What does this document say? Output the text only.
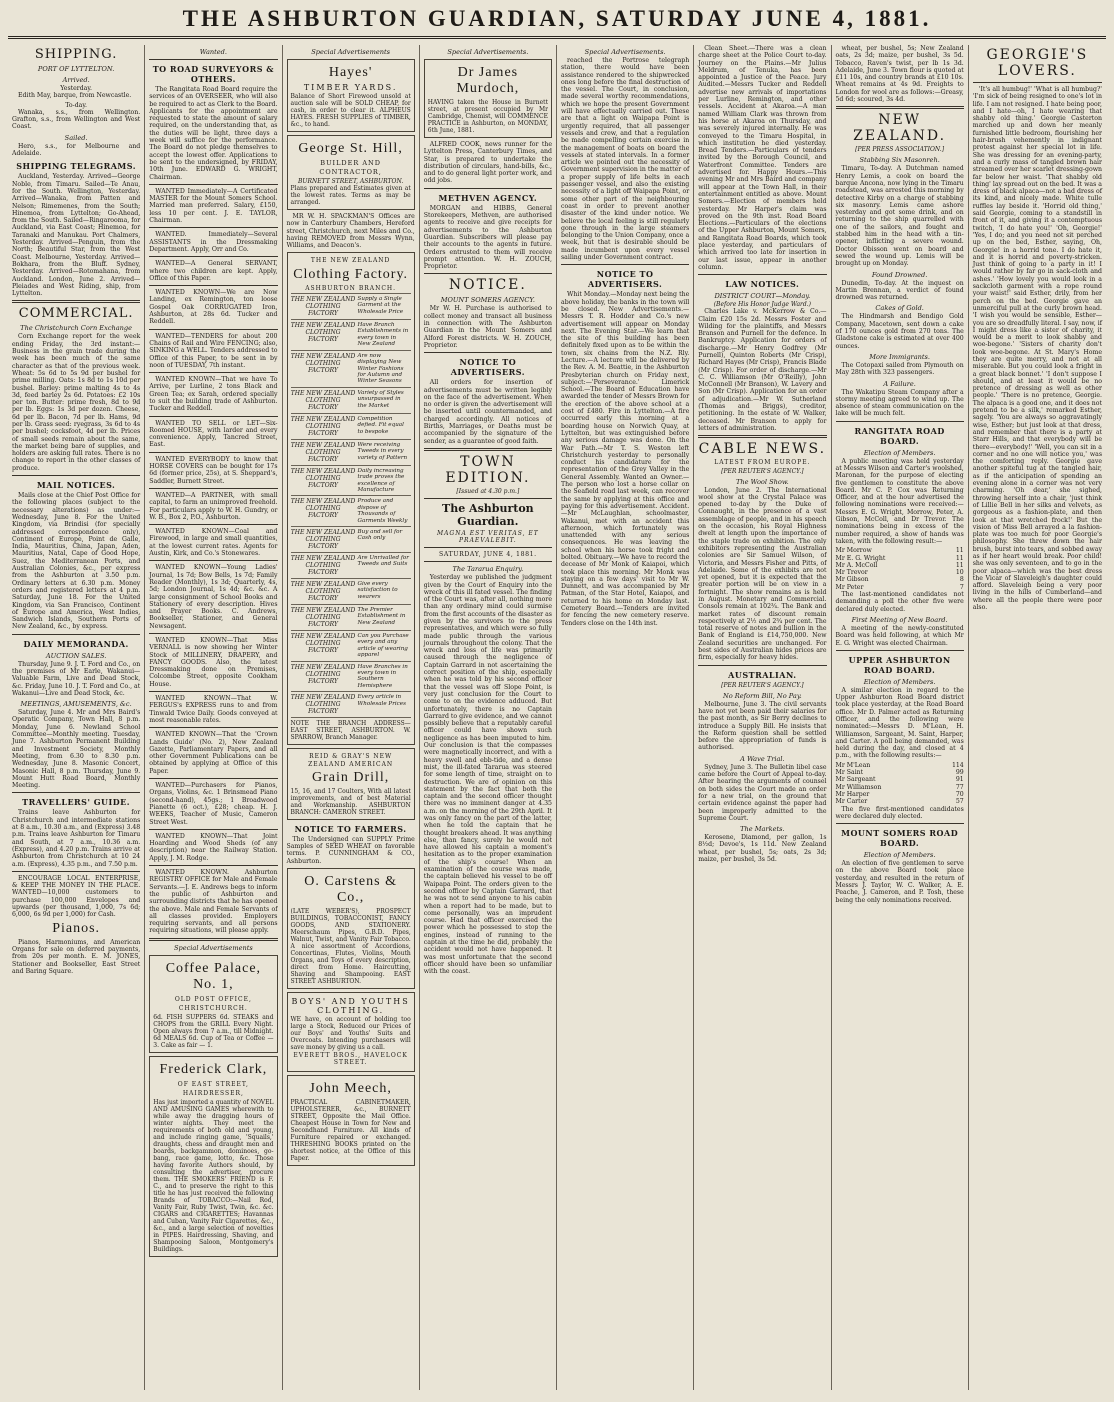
THE ASHBURTON GUARDIAN, SATURDAY JUNE 4, 1881.
SHIPPING.
PORT OF LYTTELTON.
Arrived.
Yesterday.

Edith May, barque, from Newcastle.

To-day.

Wanaka, s.s., from Wellington. Grafton, s.s., from Wellington and West Coast.

Sailed.

Hero, s.s., for Melbourne and Adelaide.

SHIPPING TELEGRAMS.

Auckland, Yesterday. Arrived—George Noble, from Timaru. Sailed—Te Anau, for the South. Wellington, Yesterday. Arrived—Wanaka, from Patten and Nelson; Rimemenes, from the South; Hinemoa, from Lyttelton; Go-Ahead, from the South. Sailed—Ringarooma, for Auckland, via East Coast; Hinemoa, for Taranaki and Manukau. Port Chalmers, Yesterday. Arrived—Penguin, from the North; Beautiful Star, from the West Coast. Melbourne, Yesterday. Arrived—Bokhara, from the Bluff. Sydney, Yesterday. Arrived—Rotomahana, from Auckland. London, June 2. Arrived—Pleiades and West Riding, ship, from Lyttelton.

COMMERCIAL.
The Christchurch Corn Exchange

Corn Exchange report for the week ending Friday, the 3rd instant:—Business in the grain trade during the week has been much of the same character as that of the previous week. Wheat: 5s 6d to 5s 9d per bushel for prime milling. Oats: 1s 8d to 1s 10d per bushel. Barley: prime malting 4s to 4s 3d, feed barley 2s 6d. Potatoes: £2 10s per ton. Butter: prime fresh, 8d to 9d per lb. Eggs: 1s 3d per dozen. Cheese, 6d per lb. Bacon, 7d per lb. Hams, 9d per lb. Grass seed: ryegrass, 3s 6d to 4s per bushel; cocksfoot, 4d per lb. Prices of small seeds remain about the same, the market being bare of supplies, and holders are asking full rates. There is no change to report in the other classes of produce.

MAIL NOTICES.

Mails close at the Chief Post Office for the following places (subject to the necessary alterations) as under:— Wednesday, June 8. For the United Kingdom, via Brindisi (for specially addressed correspondence only), Continent of Europe, Point de Galle, India, Mauritius, China, Japan, Aden, Mauritius, Natal, Cape of Good Hope, Suez, the Mediterranean Ports, and Australian Colonies, &c., per express from the Ashburton at 3.50 p.m. Ordinary letters at 6.30 p.m. Money orders and registered letters at 4 p.m. Saturday, June 18. For the United Kingdom, via San Francisco, Continent of Europe and America, West Indies, Sandwich Islands, Southern Ports of New Zealand, &c., by express.

DAILY MEMORANDA.
AUCTION SALES.

Thursday, June 9. J. T. Ford and Co., on the premises of Mr Earle, Wakanui—Valuable Farm, Live and Dead Stock, &c. Friday, June 10. J. T. Ford and Co., at Wakanui—Live and Dead Stock, &c.

MEETINGS, AMUSEMENTS, &c.

Saturday, June 4. Mr and Mrs Baird's Operatic Company, Town Hall, 8 p.m. Monday, June 6. Newland School Committee—Monthly meeting. Tuesday, June 7. Ashburton Permanent Building and Investment Society, Monthly Meeting, from 6.30 to 8.30 p.m. Wednesday, June 8. Masonic Concert, Masonic Hall, 8 p.m. Thursday, June 9. Mount Hutt Road Board, Monthly Meeting.

TRAVELLERS' GUIDE.

Trains leave Ashburton for Christchurch and intermediate stations at 8 a.m., 10.30 a.m., and (Express) 3.48 p.m. Trains leave Ashburton for Timaru and South, at 7 a.m., 10.36 a.m. (Express), and 4.20 p.m. Trains arrive at Ashburton from Christchurch at 10 24 a.m. (Express), 4.35 p.m., and 7.50 p.m.

ENCOURAGE LOCAL ENTERPRISE, & KEEP THE MONEY IN THE PLACE. WANTED—10,000 customers to purchase 100,000 Envelopes and upwards (per thousand, 1,000, 7s 6d; 6,000, 6s 9d per 1,000) for Cash.

Pianos.

Pianos, Harmoniums, and American Organs for sale on deferred payments, from 20s per month. E. M. JONES, Stationer and Bookseller, East Street and Baring Square.

Wanted.
TO ROAD SURVEYORS & OTHERS.

The Rangitata Road Board require the services of an OVERSEER, who will also be required to act as Clerk to the Board. Applicants for the appointment are requested to state the amount of salary required, on the understanding that, as the duties will be light, three days a week will suffice for the performance. The Board do not pledge themselves to accept the lowest offer. Applications to be sent to the undersigned, by FRIDAY, 10th June. EDWARD G. WRIGHT, Chairman.

WANTED Immediately—A Certificated MASTER for the Mount Somers School. Married man preferred. Salary, £150, less 10 per cent. J. E. TAYLOR, Chairman.

WANTED. Immediately—Several ASSISTANTS in the Dressmaking Department. Apply, Orr and Co.

WANTED—A General SERVANT, where two children are kept. Apply, Office of this Paper.

WANTED KNOWN—We are Now Landing, ex Remington, ton loose Gospel Oak CORRUGATED Iron, Ashburton, at 28s 6d. Tucker and Reddell.

WANTED—TENDERS for about 200 Chains of Rail and Wire FENCING; also, SINKING a WELL. Tenders addressed to Office of this Paper, to be sent in by noon of TUESDAY, 7th instant.

WANTED KNOWN—That we have To Arrive, per Lurline, 2 tons Black and Green Tea; ex Sarah, ordered specially to suit the building trade of Ashburton. Tucker and Reddell.

WANTED TO SELL or LET—Six-Roomed HOUSE, with larder and every convenience. Apply, Tancred Street, East.

WANTED EVERYBODY to know that HORSE COVERS can be bought for 17s 6d (former price, 25s), at S. Sheppard's, Saddler, Burnett Street.

WANTED—A PARTNER, with small capital, to farm an unimproved freehold. For particulars apply to W. H. Gundry, or W. B., Box 2, P.O., Ashburton.

WANTED KNOWN—Coal and Firewood, in large and small quantities, at the lowest current rates. Agents for Austin, Kirk, and Co.'s Stonewares.

WANTED KNOWN—Young Ladies' Journal, 1s 7d; Bow Bells, 1s 7d; Family Reader (Monthly), 1s 3d; Quarterly, 4s, 5d; London Journal, 1s 4d; &c. &c. A large consignment of School Books and Stationery of every description. Hives and Prayer Books. C. Andrews, Bookseller, Stationer, and General Newsagent.

WANTED KNOWN—That Miss VERNALL is now showing her Winter Stock of MILLINERY, DRAPERY, and FANCY GOODS. Also, the latest Dressmaking done on Premises, Colcombe Street, opposite Cookham House.

WANTED KNOWN—That W. FERGUS's EXPRESS runs to and from Tinwald Twice Daily. Goods conveyed at most reasonable rates.

WANTED KNOWN—That the 'Crown Lands Guide' (No. 2), New Zealand Gazette, Parliamentary Papers, and all other Government Publications can be obtained by applying at Office of this Paper.

WANTED—Purchasers for Pianos, Organs, Violins, &c. 1 Brinsmead Piano (second-hand), 45gs.; 1 Broadwood Pianette (6 oct.), £28; cheap. H. J. WEEKS, Teacher of Music, Cameron Street West.

WANTED KNOWN—That Joint Hoarding and Wood Sheds (of any description) near the Railway Station. Apply, J. M. Rodge.

WANTED KNOWN. Ashburton REGISTRY OFFICE for Male and Female Servants.—J. E. Andrews begs to inform the public of Ashburton and surrounding districts that he has opened the above. Male and Female Servants of all classes provided. Employers requiring servants, and all persons requiring situations, will please apply.

Special Advertisements
Coffee Palace, No. 1,
OLD POST OFFICE, CHRISTCHURCH.
6d. FISH SUPPERS 6d. STEAKS and CHOPS from the GRILL Every Night. Open always from 7 a.m., till Midnight. 6d MEALS 6d. Cup of Tea or Coffee — 3. Cake as fair — 1.
Frederick Clark,
OF EAST STREET, HAIRDRESSER,
Has just imported a quantity of NOVEL AND AMUSING GAMES wherewith to while away the dragging hours of winter nights. They meet the requirements of both old and young, and include ringing game, 'Squails,' draughts, chess and draught men and boards, backgammon, dominoes, go-bang, race game, lotto, &c. Those having favorite Authors should, by consulting the advertiser, procure them. THE SMOKERS' FRIEND is F. C., and to preserve the right to this title he has just received the following Brands of TOBACCO:—Nail Rod, Vanity Fair, Ruby Twist, Twin, &c. &c. CIGARS and CIGARETTES; Havannas and Cuban, Vanity Fair Cigarettes, &c., &c., and a large selection of novelties in PIPES. Hairdressing, Shaving, and Shampooing Saloon, Montgomery's Buildings.
Special Advertisements
Hayes'
TIMBER YARDS.
Balance of Short Firewood unsold at auction sale will be SOLD CHEAP, for cash, in order to clear it. ALPHEUS HAYES. FRESH SUPPLIES of TIMBER, &c., to hand.
George St. Hill,
BUILDER AND CONTRACTOR,
BURNETT STREET, ASHBURTON.
Plans prepared and Estimates given at the lowest rates. Terms as may be arranged.

MR W. H. SPACKMAN'S Offices are now in Canterbury Chambers, Hereford street, Christchurch, next Miles and Co., having REMOVED from Messrs Wynn, Williams, and Deacon's.

THE NEW ZEALAND
Clothing Factory.
ASHBURTON BRANCH.
THE NEW ZEALAND CLOTHING FACTORY
Supply a Single Garment at the Wholesale Price
THE NEW ZEALAND CLOTHING FACTORY
Have Branch Establishments in every town in New Zealand
THE NEW ZEALAND CLOTHING FACTORY
Are now displaying New Winter Fashions for Autumn and Winter Seasons
THE NEW ZEALAND CLOTHING FACTORY
Variety of Styles unsurpassed in the Market
THE NEW ZEALAND CLOTHING FACTORY
Competition defied. Fit equal to bespoke
THE NEW ZEALAND CLOTHING FACTORY
Were receiving Tweeds in every variety of Pattern
THE NEW ZEALAND CLOTHING FACTORY
Daily increasing trade proves the excellence of Manufacture
THE NEW ZEALAND CLOTHING FACTORY
Produce and dispose of Thousands of Garments Weekly
THE NEW ZEALAND CLOTHING FACTORY
Buy and sell for Cash only
THE NEW ZEALAND CLOTHING FACTORY
Are Unrivalled for Tweeds and Suits
THE NEW ZEALAND CLOTHING FACTORY
Give every satisfaction to wearers
THE NEW ZEALAND CLOTHING FACTORY
The Premier Establishment in New Zealand
THE NEW ZEALAND CLOTHING FACTORY
Can you Purchase every and any article of wearing apparel
THE NEW ZEALAND CLOTHING FACTORY
Have Branches in every town in Southern Hemisphere
THE NEW ZEALAND CLOTHING FACTORY
Every article in Wholesale Prices
NOTE THE BRANCH ADDRESS— EAST STREET, ASHBURTON. W. SPARROW, Branch Manager.
REID & GRAY'S NEW ZEALAND AMERICAN
Grain Drill,
15, 16, and 17 Coulters, With all latest improvements, and of best Material and Workmanship. ASHBURTON BRANCH: CAMERON STREET.
NOTICE TO FARMERS.

The Undersigned can SUPPLY Prime Samples of SEED WHEAT on favorable terms. P. CUNNINGHAM & CO., Ashburton.

O. Carstens & Co.,
(LATE WEBER'S), PROSPECT BUILDINGS, TOBACCONIST, FANCY GOODS, AND STATIONERY. Meerschaum Pipes, G.B.D. Pipes, Walnut, Twist, and Vanity Fair Tobacco. A nice assortment of Accordions, Concertinas, Flutes, Violins, Mouth Organs, and Toys of every description, direct from Home. Haircutting, Shaving and Shampooing. EAST STREET ASHBURTON.
BOYS' AND YOUTHS CLOTHING.
WE have, on account of holding too large a Stock, Reduced our Prices of our Boys' and Youths' Suits and Overcoats. Intending purchasers will save money by giving us a call.
EVERETT BROS., HAVELOCK STREET.
John Meech,
PRACTICAL CABINETMAKER, UPHOLSTERER, &c., BURNETT STREET, Opposite the Mail Office. Cheapest House in Town for New and Secondhand Furniture. All kinds of Furniture repaired or exchanged. THRESHING BOOKS printed on the shortest notice, at the Office of this Paper.
Special Advertisements.
Dr James Murdoch,
HAVING taken the House in Burnett street, at present occupied by Mr Cambridge, Chemist, will COMMENCE PRACTICE in Ashburton, on MONDAY, 6th June, 1881.

ALFRED COOK, news runner for the Lyttelton Press, Canterbury Times, and Star, is prepared to undertake the distribution of circulars, hand-bills, &c., and to do general light porter work, and odd jobs.

METHVEN AGENCY.

MORGAN and HIBBS, General Storekeepers, Methven, are authorised agents to receive and give receipts for advertisements to the Ashburton Guardian. Subscribers will please pay their accounts to the agents in future. Orders entrusted to them will receive prompt attention. W. H. ZOUCH, Proprietor.

NOTICE.
MOUNT SOMERS AGENCY.

Mr W. H. Purchase is authorised to collect money and transact all business in connection with The Ashburton Guardian in the Mount Somers and Alford Forest districts. W. H. ZOUCH, Proprietor.

NOTICE TO ADVERTISERS.

All orders for insertion of advertisements must be written legibly on the face of the advertisement. When no order is given the advertisement will be inserted until countermanded, and charged accordingly. All notices of Births, Marriages, or Deaths must be accompanied by the signature of the sender, as a guarantee of good faith.

TOWN EDITION.
[Issued at 4.30 p.m.]
The Ashburton Guardian.
MAGNA EST VERITAS, ET PRAEVALEBIT.
SATURDAY, JUNE 4, 1881.
The Tararua Enquiry.

Yesterday we published the judgment given by the Court of Enquiry into the wreck of this ill fated vessel. The finding of the Court was, after all, nothing more than any ordinary mind could surmise from the first accounts of the disaster as given by the survivors to the press representatives, and which were so fully made public through the various journals throughout the colony. That the wreck and loss of life was primarily caused through the negligence of Captain Garrard in not ascertaining the correct position of the ship, especially when he was told by his second officer that the vessel was off Slope Point, is very just conclusion for the Court to come to on the evidence adduced. But unfortunately, there is no Captain Garrard to give evidence, and we cannot possibly believe that a reputably careful officer could have shown such negligence as has been imputed to him. Our conclusion is that the compasses were magnetically incorrect, and with a heavy swell and ebb-tide, and a dense mist, the ill-fated Tararua was steered for some length of time, straight on to destruction. We are of opinion on this statement by the fact that both the captain and the second officer thought there was no imminent danger at 4.35 a.m. on the morning of the 29th April. It was only fancy on the part of the latter, when he told the captain that he thought breakers ahead. It was anything else, than fancy, surely he would not have allowed his captain a moment's hesitation as to the proper examination of the ship's course! When an examination of the course was made, the captain believed his vessel to be off Waipapa Point. The orders given to the second officer by Captain Garrard, that he was not to send anyone to his cabin when a report had to be made, but to come personally, was an imprudent course. Had that officer exercised the power which he possessed to stop the engines, instead of running to the captain at the time he did, probably the accident would not have happened. It was most unfortunate that the second officer should have been so unfamiliar with the coast.

Special Advertisements.

reached the Portrose telegraph station, there would have been assistance rendered to the shipwrecked ones long before the final destruction of the vessel. The Court, in conclusion, made several worthy recommendations, which we hope the present Government will have effectually carried out. These are that a light on Waipapa Point is urgently required, that all passenger vessels and crew, and that a regulation be made compelling certain exercise in the management of boats on board the vessels at stated intervals. In a former article we pointed out the necessity of Government supervision in the matter of a proper supply of life belts in each passenger vessel, and also the existing necessity of a light off Waipapa Point, or some other part of the neighbouring coast in order to prevent another disaster of the kind under notice. We believe the local feeling is still regularly gone through in the large steamers belonging to the Union Company, once a week, but that is desirable should be made incumbent upon every vessel sailing under Government contract.

NOTICE TO ADVERTISERS.

Whit Monday.—Monday next being the above holiday, the banks in the town will be closed. New Advertisements.—Messrs T. R. Hodder and Co.'s new advertisement will appear on Monday next. The Evening Star.—We learn that the site of this building has been definitely fixed upon as to be within the town, six chains from the N.Z. Rly. Lecture.—A lecture will be delivered by the Rev. A. M. Beattie, in the Ashburton Presbyterian church on Friday next, subject:—'Perseverance.' Limerick School.—The Board of Education have awarded the tender of Messrs Brown for the erection of the above school at a cost of £480. Fire in Lyttelton.—A fire occurred early this morning at a boarding house on Norwich Quay, at Lyttelton, but was extinguished before any serious damage was done. On the War Path.—Mr T. S. Weston left Christchurch yesterday to personally conduct his candidature for the representation of the Grey Valley in the General Assembly. Wanted an Owner.—The person who lost a horse collar on the Seafield road last week, can recover the same by applying at this office and paying for this advertisement. Accident.—Mr McLaughlan, schoolmaster, Wakanui, met with an accident this afternoon, which fortunately was unattended with any serious consequences. He was leaving the school when his horse took fright and bolted. Obituary.—We have to record the decease of Mr Monk of Kaiapoi, which took place this morning. Mr Monk was staying on a few days' visit to Mr W. Dunnett, and was accompanied by Mr Patman, of the Star Hotel, Kaiapoi, and returned to his home on Monday last. Cemetery Board.—Tenders are invited for fencing the new cemetery reserve. Tenders close on the 14th inst.

Clean Sheet.—There was a clean charge sheet at the Police Court to-day. Journey on the Plains.—Mr Julius Meldrum, of Tenuka, has been appointed a Justice of the Peace. Jury Audited.—Messrs Tucker and Reddell advertise new arrivals of importations per Lurline, Remington, and other vessels. Accident at Akaroa.—A man named William Clark was thrown from his horse at Akaroa on Thursday, and was severely injured internally. He was conveyed to the Timaru Hospital, in which institution he died yesterday. Bread Tenders.—Particulars of tenders invited by the Borough Council, and Waterfront Committee. Tenders are advertised for. Happy Hours.—This evening Mr and Mrs Baird and company will appear at the Town Hall, in their entertainment entitled as above. Mount Somers.—Election of members held yesterday. Mr Harper's claim was proved on the 9th inst. Road Board Elections.—Particulars of the elections of the Upper Ashburton, Mount Somers, and Rangitata Road Boards, which took place yesterday, and particulars of which arrived too late for insertion in our last issue, appear in another column.

LAW NOTICES.
DISTRICT COURT—Monday.
(Before His Honor Judge Ward.)

Charles Lake v. McKerrow & Co.—Claim £20 15s 2d. Messrs Foster and Wilding for the plaintiffs, and Messrs Branson and Purnell for the defence. In Bankruptcy. Application for orders of discharge.—Mr Henry Godfrey (Mr Purnell), Quinton Roberts (Mr Crisp), Richard Hayes (Mr Crisp), Francis Blade (Mr Crisp). For order of discharge.—Mr C. C. Williamson (Mr O'Reilly), John McConnell (Mr Branson), W. Lavery and Son (Mr Crisp). Application for an order of adjudication.—Mr W. Sutherland (Thomas and Briggs), creditor, petitioning. In the estate of W. Walker, deceased. Mr Branson to apply for letters of administration.

CABLE NEWS.
LATEST FROM EUROPE.
[PER REUTER'S AGENCY.]
The Wool Show.

London, June 2. The International wool show at the Crystal Palace was opened to-day by the Duke of Connaught, in the presence of a vast assemblage of people, and in his speech on the occasion, his Royal Highness dwelt at length upon the importance of the staple trade on exhibition. The only exhibitors representing the Australian colonies are Sir Samuel Wilson, of Victoria, and Messrs Fisher and Pitts, of Adelaide. Some of the exhibits are not yet opened, but it is expected that the greater portion will be on view in a fortnight. The show remains as is held in August. Monetary and Commercial. Consols remain at 102¾. The Bank and market rates of discount remain respectively at 2½ and 2¾ per cent. The total reserve of notes and bullion in the Bank of England is £14,750,000. New Zealand securities are unchanged. For best sides of Australian hides prices are firm, especially for heavy hides.

AUSTRALIAN.
[PER REUTER'S AGENCY.]
No Reform Bill, No Pay.

Melbourne, June 3. The civil servants have not yet been paid their salaries for the past month, as Sir Berry declines to introduce a Supply Bill. He insists that the Reform question shall be settled before the appropriation of funds is authorised.

A Wave Trial.

Sydney, June 3. The Bulletin libel case came before the Court of Appeal to-day. After hearing the arguments of counsel on both sides the Court made an order for a new trial, on the ground that certain evidence against the paper had been improperly admitted to the Supreme Court.

The Markets.

Kerosene, Diamond, per gallon, 1s 8½d; Devoe's, 1s 11d. New Zealand wheat, per bushel, 5s; oats, 2s 3d; maize, per bushel, 3s 5d.

wheat, per bushel, 5s; New Zealand oats, 2s 3d; maize, per bushel, 3s 5d. Tobacco, Raven's twist, per lb 1s 3d. Adelaide, June 3. Town flour is quoted at £11 10s, and country brands at £10 10s. Wheat remains at 4s 9d. Freights to London for wool are as follows:—Greasy, 5d 6d; scoured, 3s 4d.

NEW ZEALAND.
[PER PRESS ASSOCIATION.]
Stabbing Six Masonreh.

Timaru, To-day. A Dutchman named Henry Lemis, a cook on board the barque Ancona, now lying in the Timaru roadstead, was arrested this morning by detective Kirby on a charge of stabbing six masonry. Lemis came ashore yesterday and got some drink, and on returning to the ship quarrelled with one of the sailors, and fought and stabbed him in the head with a tin-opener, inflicting a severe wound. Doctor Obisson went on board and sewed the wound up. Lemis will be brought up on Monday.

Found Drowned.

Dunedin, To-day. At the inquest on Martin Brennan, a verdict of found drowned was returned.

Cakes of Gold.

The Hindmarsh and Bendigo Gold Company, Macetown, sent down a cake of 170 ounces gold from 270 tons. The Gladstone cake is estimated at over 400 ounces.

More Immigrants.

The Cotopaxi sailed from Plymouth on May 28th with 323 passengers.

A Failure.

The Wakatipu Steam Company after a stormy meeting agreed to wind up. The absence of steam communication on the lake will be much felt.

RANGITATA ROAD BOARD.
Election of Members.

A public meeting was held yesterday at Messrs Wilson and Carter's woolshed, Maronan, for the purpose of electing five gentlemen to constitute the above Board. Mr C. P. Cox was Returning Officer, and at the hour advertised the following nominations were received:—Messrs E. G. Wright, Morrow, Peter, A. Gibson, McColl, and Dr Trevor. The nominations being in excess of the number required, a show of hands was taken, with the following result:—

Mr Morrow	11
Mr E. G. Wright	11
Mr A. McColl	11
Mr Trevor	10
Mr Gibson	8
Mr Peter	7

The last-mentioned candidates not demanding a poll the other five were declared duly elected.

First Meeting of New Board.

A meeting of the newly-constituted Board was held following, at which Mr E. G. Wright was elected Chairman.

UPPER ASHBURTON ROAD BOARD.
Election of Members.

A similar election in regard to the Upper Ashburton Road Board district took place yesterday, at the Road Board office. Mr D. Palmer acted as Returning Officer, and the following were nominated:—Messrs D. M'Lean, H. Williamson, Sargeant, M. Saint, Harper, and Carter. A poll being demanded, was held during the day, and closed at 4 p.m., with the following results:—

Mr M'Lean	114
Mr Saint	99
Mr Sargeant	91
Mr Williamson	77
Mr Harper	70
Mr Carter	57

The five first-mentioned candidates were declared duly elected.

MOUNT SOMERS ROAD BOARD.
Election of Members.

An election of five gentlemen to serve on the above Board took place yesterday, and resulted in the return of Messrs J. Taylor, W. C. Walker, A. E. Peache, J. Cameron, and P. Tosh, these being the only nominations received.

GEORGIE'S LOVERS.

'It's all humbug!' 'What is all humbug?' 'I'm sick of being resigned to one's lot in life. I am not resigned. I hate being poor, and I hate—oh, I hate wearing that shabby old thing.' Georgie Casterton marched up and down her meanly furnished little bedroom, flourishing her hair-brush vehemently in indignant protest against her special lot in life. She was dressing for an evening-party, and a curly mass of tangled brown hair streamed over her scarlet dressing-gown far below her waist. 'That shabby old thing' lay spread out on the bed. It was a dress of black alpaca—not a bad dress of its kind, and nicely made. White tulle ruffles lay beside it. 'Horrid old thing,' said Georgie, coming to a standstill in front of it, and giving it a contemptuous twitch, 'I do hate you!' 'Oh, Georgie!' 'Yes, I do; and you need not sit perched up on the bed, Esther, saying, Oh, Georgie! in a horrid tone. I do hate it, and it is horrid and poverty-stricken. Just think of going to a party in it! I would rather by far go in sack-cloth and ashes.' 'How lovely you would look in a sackcloth garment with a rope round your waist!' said Esther, drily, from her perch on the bed. Georgie gave an unmerciful pull at the curly brown head. 'I wish you would be sensible, Esther—you are so dreadfully literal. I say, now, if I might dress like a sister of charity, it would be a merit to look shabby and woe-begone.' 'Sisters of charity don't look woe-begone. At St. Mary's Home they are quite merry, and not at all miserable. But you could look a fright in a great black bonnet.' 'I don't suppose I should, and at least it would be no pretence of dressing as well as other people.' 'There is no pretence, Georgie. The alpaca is a good one, and it does not pretend to be a silk,' remarked Esther, sagely. 'You are always so aggravatingly wise, Esther; but just look at that dress, and remember that there is a party at Starr Hills, and that everybody will be there—everybody!' 'Well, you can sit in a corner and no one will notice you,' was the comforting reply. Georgie gave another spiteful tug at the tangled hair, as if the anticipation of spending an evening alone in a corner was not very charming. 'Oh dear,' she sighed, throwing herself into a chair, 'just think of Lillie Bell in her silks and velvets, as gorgeous as a fashion-plate, and then look at that wretched frock!' But the vision of Miss Bell arrayed a la fashion-plate was too much for poor Georgie's philosophy. She threw down the hair brush, burst into tears, and sobbed away as if her heart would break. Poor child! she was only seventeen, and to go in the poor alpaca—which was the best dress the Vicar of Slaveleigh's daughter could afford. Slaveleigh being a very poor living in the hills of Cumberland—and where all the people there were poor also.
